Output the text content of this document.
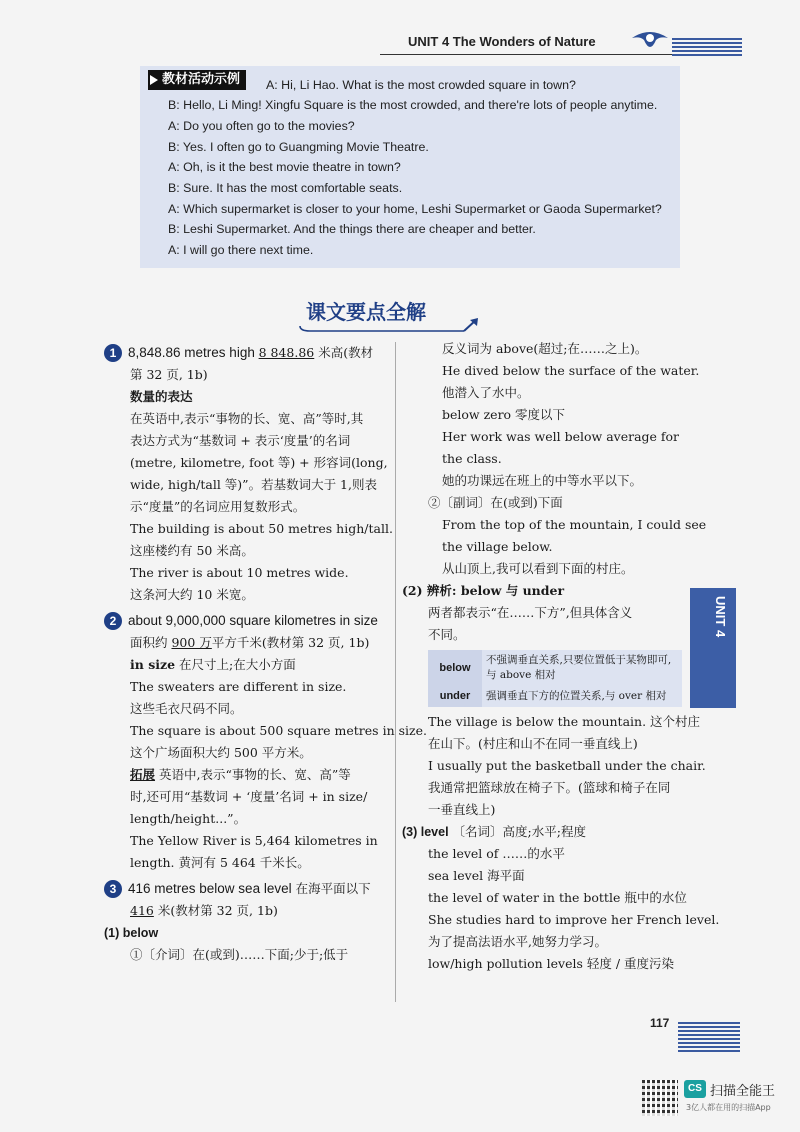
UNIT 4 The Wonders of Nature
教材活动示例	A: Hi, Li Hao. What is the most crowded square in town?
B: Hello, Li Ming! Xingfu Square is the most crowded, and there're lots of people anytime.
A: Do you often go to the movies?
B: Yes. I often go to Guangming Movie Theatre.
A: Oh, is it the best movie theatre in town?
B: Sure. It has the most comfortable seats.
A: Which supermarket is closer to your home, Leshi Supermarket or Gaoda Supermarket?
B: Leshi Supermarket. And the things there are cheaper and better.
A: I will go there next time.
课文要点全解
1 8,848.86 metres high 8 848.86 米高(教材
第 32 页, 1b)
数量的表达
在英语中,表示“事物的长、宽、高”等时,其
表达方式为“基数词 + 表示‘度量’的名词
(metre, kilometre, foot 等) + 形容词(long,
wide, high/tall 等)”。若基数词大于 1,则表
示“度量”的名词应用复数形式。
The building is about 50 metres high/tall.
这座楼约有 50 米高。
The river is about 10 metres wide.
这条河大约 10 米宽。
2 about 9,000,000 square kilometres in size
面积约 900 万平方千米(教材第 32 页, 1b)
in size 在尺寸上;在大小方面
The sweaters are different in size.
这些毛衣尺码不同。
The square is about 500 square metres in size.
这个广场面积大约 500 平方米。
拓展 英语中,表示“事物的长、宽、高”等
时,还可用“基数词 + ‘度量’名词 + in size/
length/height...”。
The Yellow River is 5,464 kilometres in
length. 黄河有 5 464 千米长。
3 416 metres below sea level 在海平面以下
416 米(教材第 32 页, 1b)
(1) below
①〔介词〕在(或到)……下面;少于;低于
反义词为 above(超过;在……之上)。
He dived below the surface of the water.
他潜入了水中。
below zero 零度以下
Her work was well below average for
the class.
她的功课远在班上的中等水平以下。
②〔副词〕在(或到)下面
From the top of the mountain, I could see
the village below.
从山顶上,我可以看到下面的村庄。
(2) 辨析: below 与 under
两者都表示“在……下方”,但具体含义
不同。
below	不强调垂直关系,只要位置低于某物即可,与 above 相对
under	强调垂直下方的位置关系,与 over 相对
The village is below the mountain. 这个村庄
在山下。(村庄和山不在同一垂直线上)
I usually put the basketball under the chair.
我通常把篮球放在椅子下。(篮球和椅子在同
一垂直线上)
(3) level 〔名词〕高度;水平;程度
the level of ……的水平
sea level 海平面
the level of water in the bottle 瓶中的水位
She studies hard to improve her French level.
为了提高法语水平,她努力学习。
low/high pollution levels 轻度 / 重度污染
UNIT 4
117
CS 扫描全能王
3亿人都在用的扫描App
